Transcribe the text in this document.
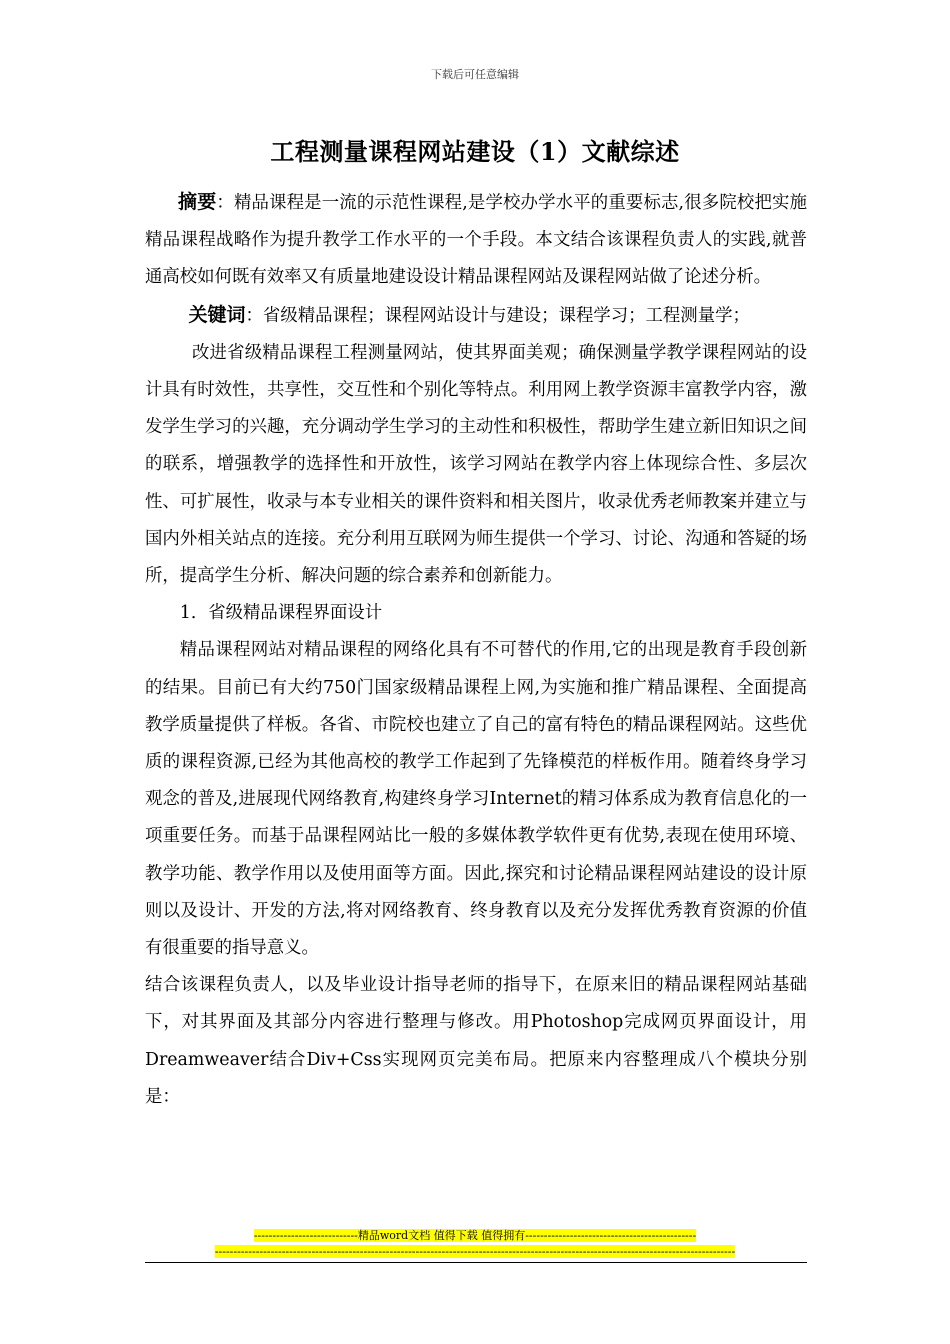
下载后可任意编辑
工程测量课程网站建设（1）文献综述

摘要：精品课程是一流的示范性课程,是学校办学水平的重要标志,很多院校把实施精品课程战略作为提升教学工作水平的一个手段。本文结合该课程负责人的实践,就普通高校如何既有效率又有质量地建设设计精品课程网站及课程网站做了论述分析。

关键词：省级精品课程；课程网站设计与建设；课程学习；工程测量学；

改进省级精品课程工程测量网站，使其界面美观；确保测量学教学课程网站的设计具有时效性，共享性，交互性和个别化等特点。利用网上教学资源丰富教学内容，激发学生学习的兴趣，充分调动学生学习的主动性和积极性，帮助学生建立新旧知识之间的联系，增强教学的选择性和开放性，该学习网站在教学内容上体现综合性、多层次性、可扩展性，收录与本专业相关的课件资料和相关图片，收录优秀老师教案并建立与国内外相关站点的连接。充分利用互联网为师生提供一个学习、讨论、沟通和答疑的场所，提高学生分析、解决问题的综合素养和创新能力。

1．省级精品课程界面设计

精品课程网站对精品课程的网络化具有不可替代的作用,它的出现是教育手段创新的结果。目前已有大约750门国家级精品课程上网,为实施和推广精品课程、全面提高教学质量提供了样板。各省、市院校也建立了自己的富有特色的精品课程网站。这些优质的课程资源,已经为其他高校的教学工作起到了先锋模范的样板作用。随着终身学习观念的普及,进展现代网络教育,构建终身学习Internet的精习体系成为教育信息化的一项重要任务。而基于品课程网站比一般的多媒体教学软件更有优势,表现在使用环境、教学功能、教学作用以及使用面等方面。因此,探究和讨论精品课程网站建设的设计原则以及设计、开发的方法,将对网络教育、终身教育以及充分发挥优秀教育资源的价值有很重要的指导意义。

结合该课程负责人，以及毕业设计指导老师的指导下，在原来旧的精品课程网站基础下，对其界面及其部分内容进行整理与修改。用Photoshop完成网页界面设计，用Dreamweaver结合Div+Css实现网页完美布局。把原来内容整理成八个模块分别是：

----------------------------精品word文档 值得下载 值得拥有----------------------------------------------
--------------------------------------------------------------------------------------------------------------------------------------------
